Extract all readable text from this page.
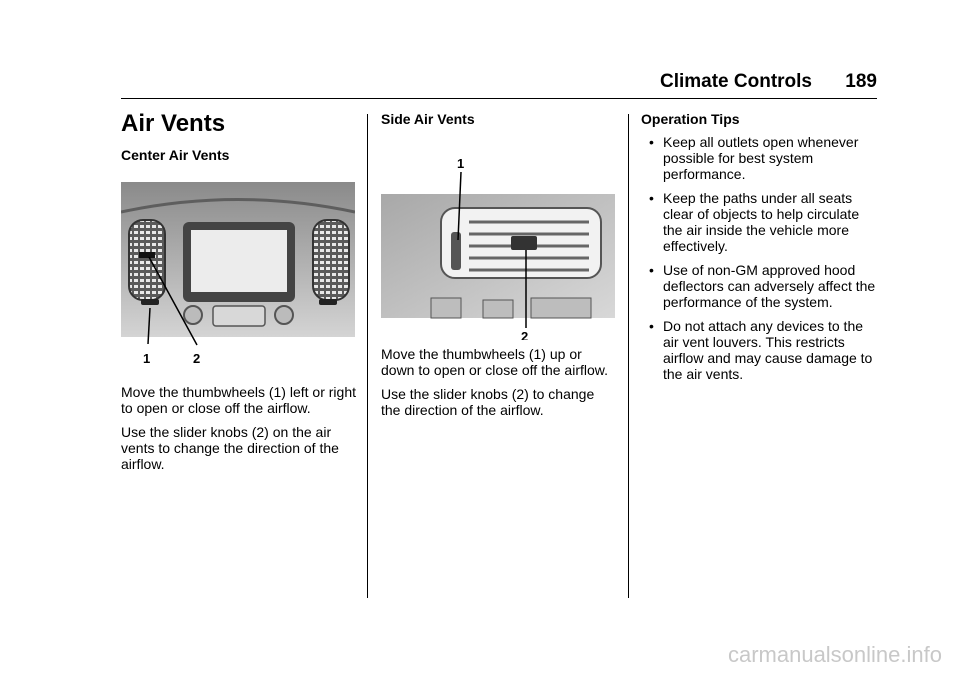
Climate Controls	189
Air Vents
Center Air Vents
1	2

Move the thumbwheels (1) left or right to open or close off the airflow.

Use the slider knobs (2) on the air vents to change the direction of the airflow.

Side Air Vents
1
2

Move the thumbwheels (1) up or down to open or close off the airflow.

Use the slider knobs (2) to change the direction of the airflow.

Operation Tips
• Keep all outlets open whenever possible for best system performance.
• Keep the paths under all seats clear of objects to help circulate the air inside the vehicle more effectively.
• Use of non-GM approved hood deflectors can adversely affect the performance of the system.
• Do not attach any devices to the air vent louvers. This restricts airflow and may cause damage to the air vents.
carmanualsonline.info
